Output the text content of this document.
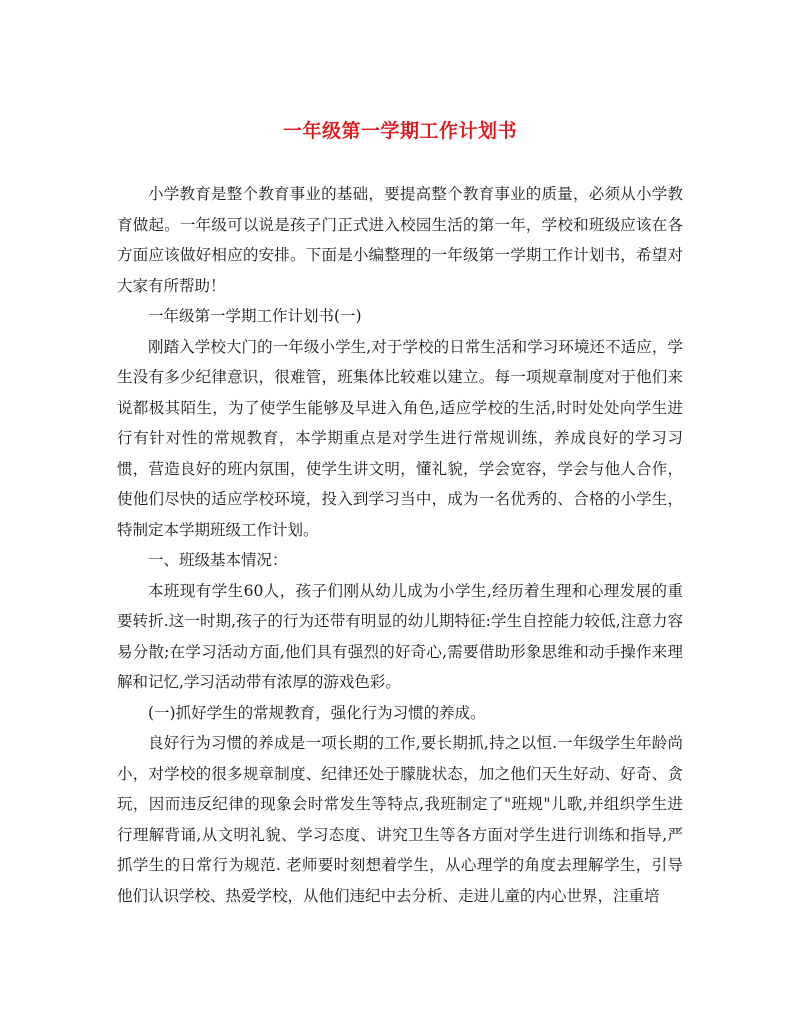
一年级第一学期工作计划书

小学教育是整个教育事业的基础，要提高整个教育事业的质量，必须从小学教育做起。一年级可以说是孩子门正式进入校园生活的第一年，学校和班级应该在各方面应该做好相应的安排。下面是小编整理的一年级第一学期工作计划书，希望对大家有所帮助！

一年级第一学期工作计划书(一)

刚踏入学校大门的一年级小学生,对于学校的日常生活和学习环境还不适应，学生没有多少纪律意识，很难管，班集体比较难以建立。每一项规章制度对于他们来说都极其陌生，为了使学生能够及早进入角色,适应学校的生活,时时处处向学生进行有针对性的常规教育，本学期重点是对学生进行常规训练，养成良好的学习习惯，营造良好的班内氛围，使学生讲文明，懂礼貌，学会宽容，学会与他人合作，使他们尽快的适应学校环境，投入到学习当中，成为一名优秀的、合格的小学生，特制定本学期班级工作计划。

一、班级基本情况：

本班现有学生60人，孩子们刚从幼儿成为小学生,经历着生理和心理发展的重要转折.这一时期,孩子的行为还带有明显的幼儿期特征:学生自控能力较低,注意力容易分散;在学习活动方面,他们具有强烈的好奇心,需要借助形象思维和动手操作来理解和记忆,学习活动带有浓厚的游戏色彩。

(一)抓好学生的常规教育，强化行为习惯的养成。

良好行为习惯的养成是一项长期的工作,要长期抓,持之以恒.一年级学生年龄尚小，对学校的很多规章制度、纪律还处于朦胧状态，加之他们天生好动、好奇、贪玩，因而违反纪律的现象会时常发生等特点,我班制定了"班规"儿歌,并组织学生进行理解背诵,从文明礼貌、学习态度、讲究卫生等各方面对学生进行训练和指导,严抓学生的日常行为规范. 老师要时刻想着学生，从心理学的角度去理解学生，引导他们认识学校、热爱学校，从他们违纪中去分析、走进儿童的内心世界，注重培
